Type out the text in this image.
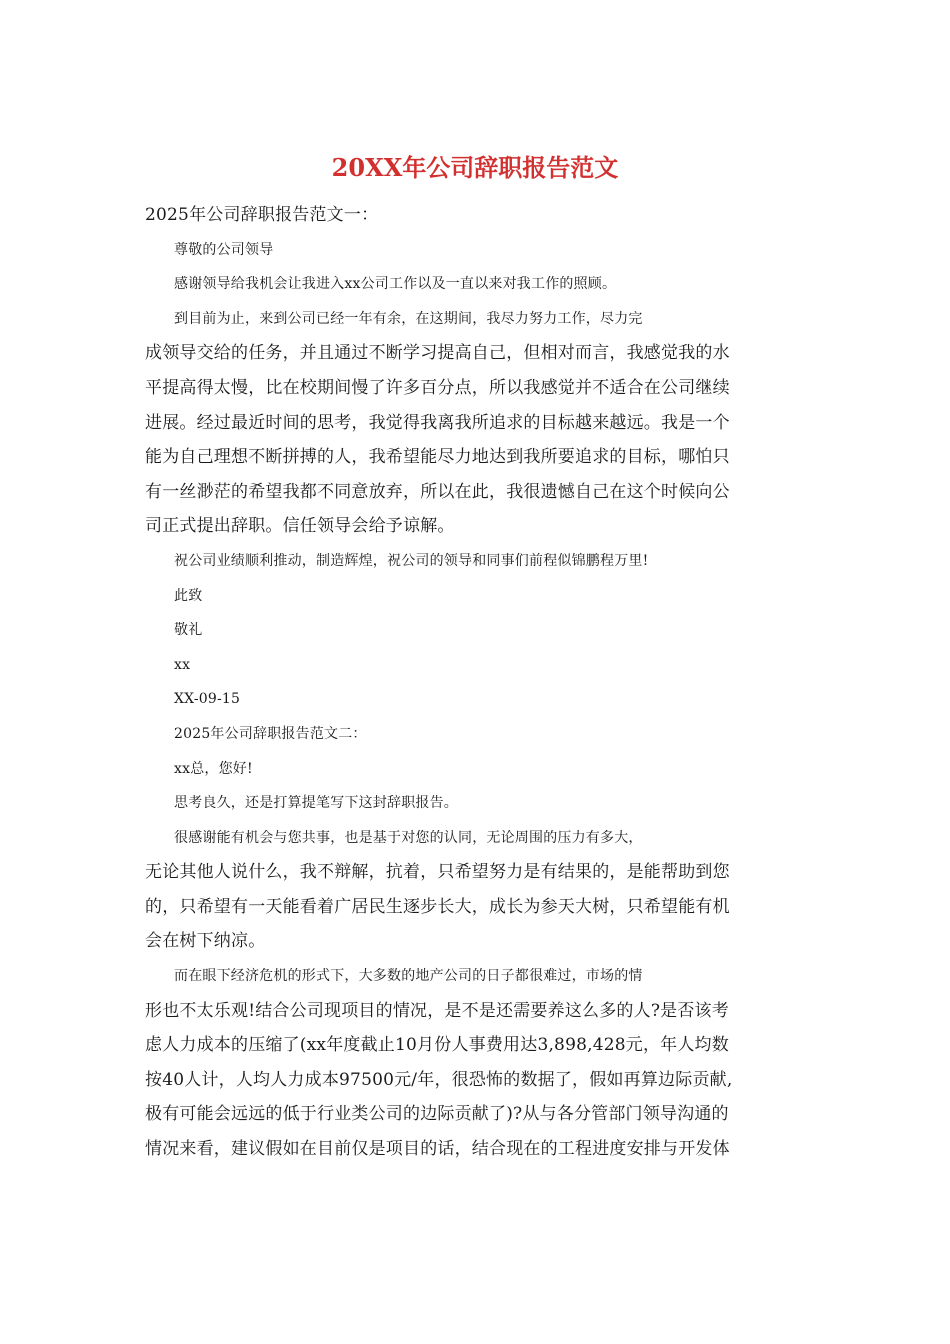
20XX年公司辞职报告范文
2025年公司辞职报告范文一：
尊敬的公司领导
感谢领导给我机会让我进入xx公司工作以及一直以来对我工作的照顾。
到目前为止，来到公司已经一年有余，在这期间，我尽力努力工作，尽力完
成领导交给的任务，并且通过不断学习提高自己，但相对而言，我感觉我的水
平提高得太慢，比在校期间慢了许多百分点，所以我感觉并不适合在公司继续
进展。经过最近时间的思考，我觉得我离我所追求的目标越来越远。我是一个
能为自己理想不断拼搏的人，我希望能尽力地达到我所要追求的目标，哪怕只
有一丝渺茫的希望我都不同意放弃，所以在此，我很遗憾自己在这个时候向公
司正式提出辞职。信任领导会给予谅解。
祝公司业绩顺利推动，制造辉煌，祝公司的领导和同事们前程似锦鹏程万里!
此致
敬礼
xx
XX-09-15
2025年公司辞职报告范文二：
xx总，您好!
思考良久，还是打算提笔写下这封辞职报告。
很感谢能有机会与您共事，也是基于对您的认同，无论周围的压力有多大，
无论其他人说什么，我不辩解，抗着，只希望努力是有结果的，是能帮助到您
的，只希望有一天能看着广居民生逐步长大，成长为参天大树，只希望能有机
会在树下纳凉。
而在眼下经济危机的形式下，大多数的地产公司的日子都很难过，市场的情
形也不太乐观!结合公司现项目的情况，是不是还需要养这么多的人?是否该考
虑人力成本的压缩了(xx年度截止10月份人事费用达3,898,428元，年人均数
按40人计，人均人力成本97500元/年，很恐怖的数据了，假如再算边际贡献,
极有可能会远远的低于行业类公司的边际贡献了)?从与各分管部门领导沟通的
情况来看，建议假如在目前仅是项目的话，结合现在的工程进度安排与开发体
